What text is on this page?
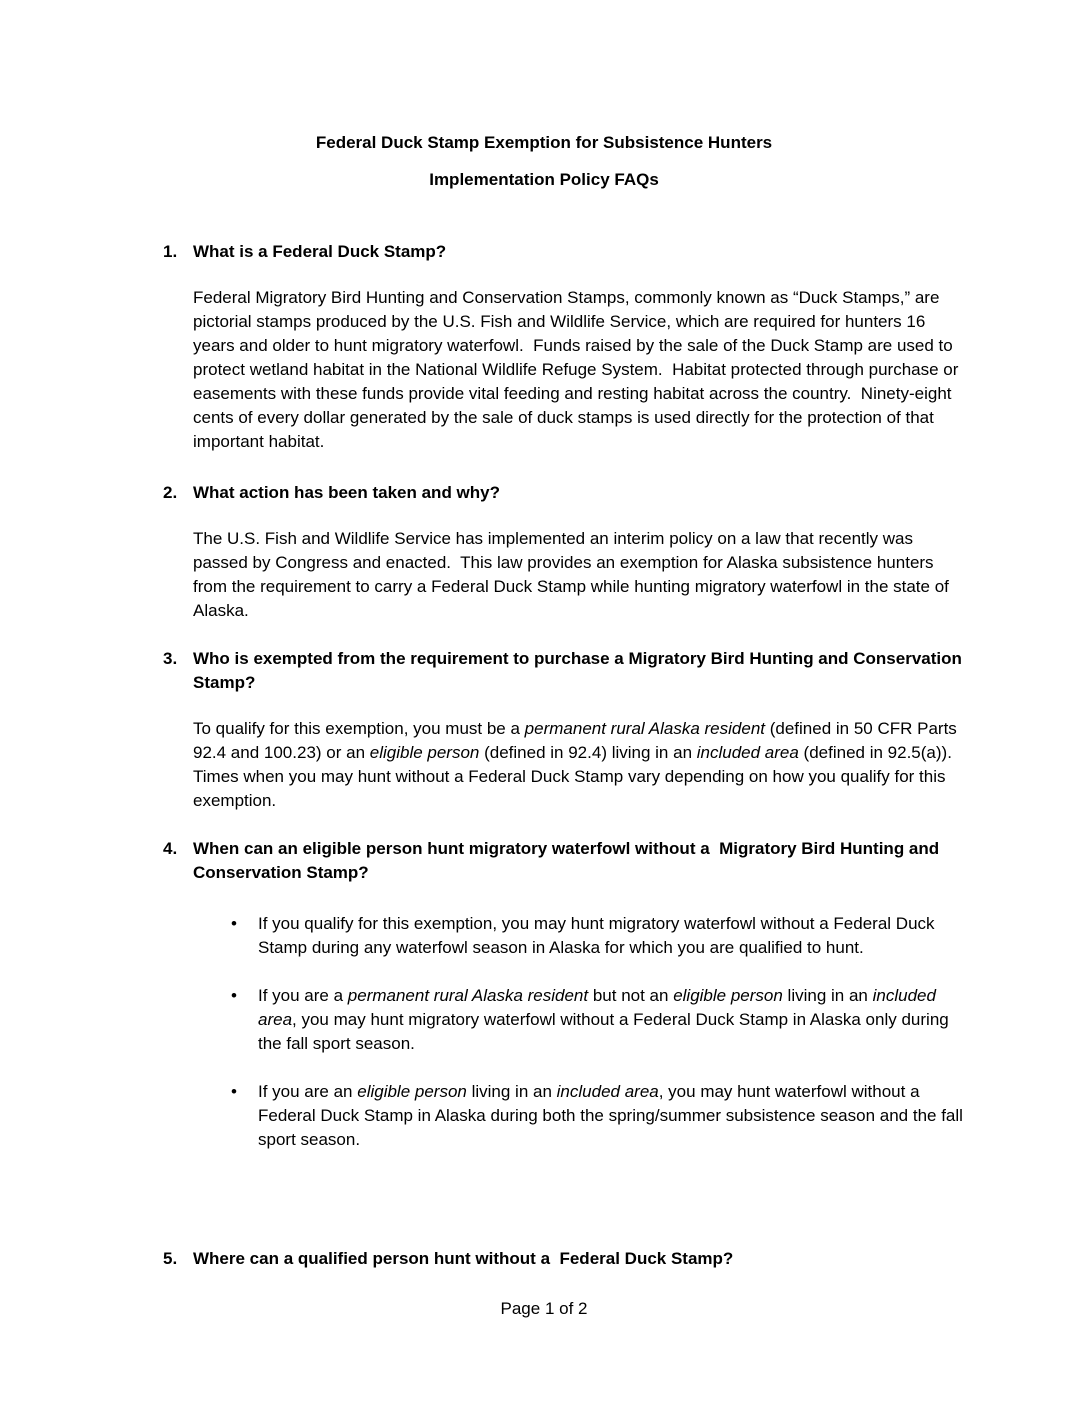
Federal Duck Stamp Exemption for Subsistence Hunters
Implementation Policy FAQs
1. What is a Federal Duck Stamp?

Federal Migratory Bird Hunting and Conservation Stamps, commonly known as “Duck Stamps,” are pictorial stamps produced by the U.S. Fish and Wildlife Service, which are required for hunters 16 years and older to hunt migratory waterfowl.  Funds raised by the sale of the Duck Stamp are used to protect wetland habitat in the National Wildlife Refuge System.  Habitat protected through purchase or easements with these funds provide vital feeding and resting habitat across the country.  Ninety-eight cents of every dollar generated by the sale of duck stamps is used directly for the protection of that important habitat.

2. What action has been taken and why?

The U.S. Fish and Wildlife Service has implemented an interim policy on a law that recently was passed by Congress and enacted.  This law provides an exemption for Alaska subsistence hunters from the requirement to carry a Federal Duck Stamp while hunting migratory waterfowl in the state of Alaska.

3. Who is exempted from the requirement to purchase a Migratory Bird Hunting and Conservation Stamp?

To qualify for this exemption, you must be a permanent rural Alaska resident (defined in 50 CFR Parts 92.4 and 100.23) or an eligible person (defined in 92.4) living in an included area (defined in 92.5(a)). Times when you may hunt without a Federal Duck Stamp vary depending on how you qualify for this exemption.

4. When can an eligible person hunt migratory waterfowl without a  Migratory Bird Hunting and Conservation Stamp?
• If you qualify for this exemption, you may hunt migratory waterfowl without a Federal Duck Stamp during any waterfowl season in Alaska for which you are qualified to hunt.
• If you are a permanent rural Alaska resident but not an eligible person living in an included area, you may hunt migratory waterfowl without a Federal Duck Stamp in Alaska only during the fall sport season.
• If you are an eligible person living in an included area, you may hunt waterfowl without a Federal Duck Stamp in Alaska during both the spring/summer subsistence season and the fall sport season.
5. Where can a qualified person hunt without a  Federal Duck Stamp?
Page 1 of 2
